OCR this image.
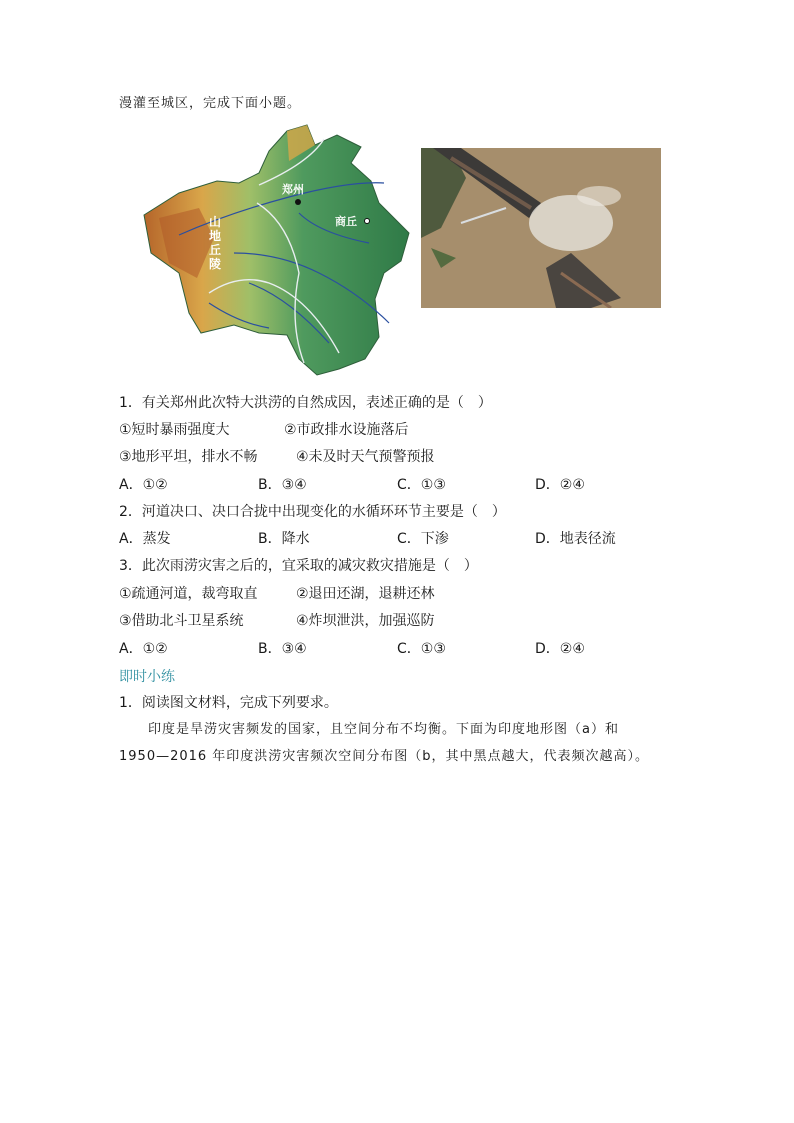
漫灌至城区，完成下面小题。
郑州
商丘
山
地
丘
陵
1．有关郑州此次特大洪涝的自然成因，表述正确的是（　）
①短时暴雨强度大	②市政排水设施落后
③地形平坦，排水不畅	④未及时天气预警预报
A．①②	B．③④	C．①③	D．②④
2．河道决口、决口合拢中出现变化的水循环环节主要是（　）
A．蒸发	B．降水	C．下渗	D．地表径流
3．此次雨涝灾害之后的，宜采取的减灾救灾措施是（　）
①疏通河道，裁弯取直	②退田还湖，退耕还林
③借助北斗卫星系统	④炸坝泄洪，加强巡防
A．①②	B．③④	C．①③	D．②④
即时小练
1．阅读图文材料，完成下列要求。
印度是旱涝灾害频发的国家，且空间分布不均衡。下面为印度地形图（a）和
1950—2016 年印度洪涝灾害频次空间分布图（b，其中黑点越大，代表频次越高）。
